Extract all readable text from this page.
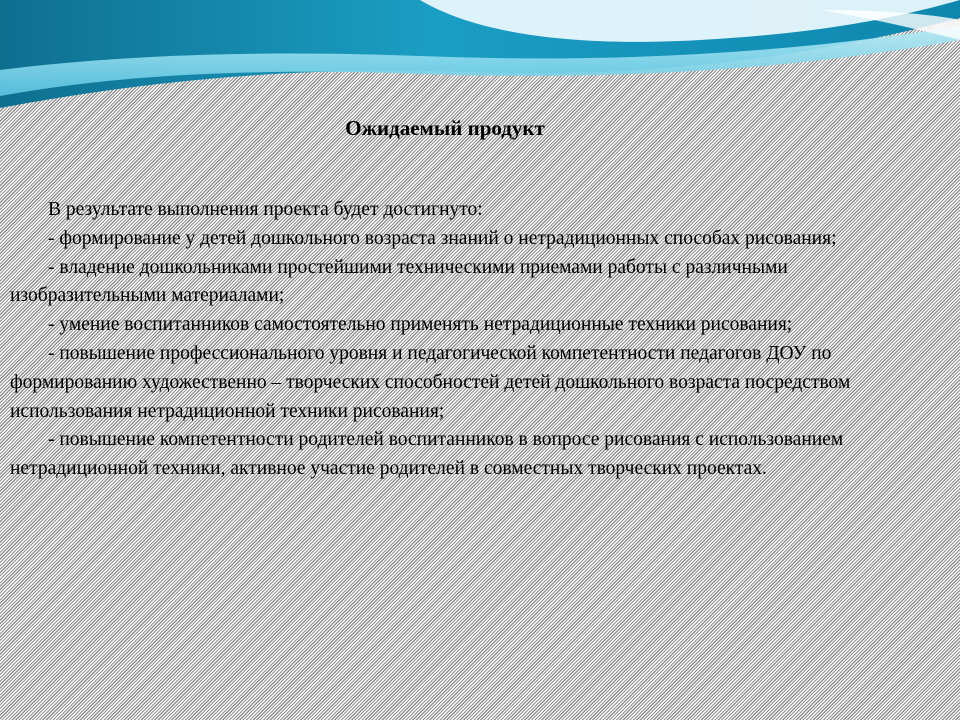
Ожидаемый продукт

В результате выполнения проекта будет достигнуто:

- формирование у детей дошкольного возраста знаний о нетрадиционных способах рисования;

- владение дошкольниками простейшими техническими приемами работы с различными изобразительными материалами;

- умение воспитанников самостоятельно применять нетрадиционные техники рисования;

- повышение профессионального уровня и педагогической компетентности педагогов ДОУ по формированию художественно – творческих способностей детей дошкольного возраста посредством использования нетрадиционной техники рисования;

- повышение компетентности родителей воспитанников в вопросе рисования с использованием нетрадиционной техники, активное участие родителей в совместных творческих проектах.
